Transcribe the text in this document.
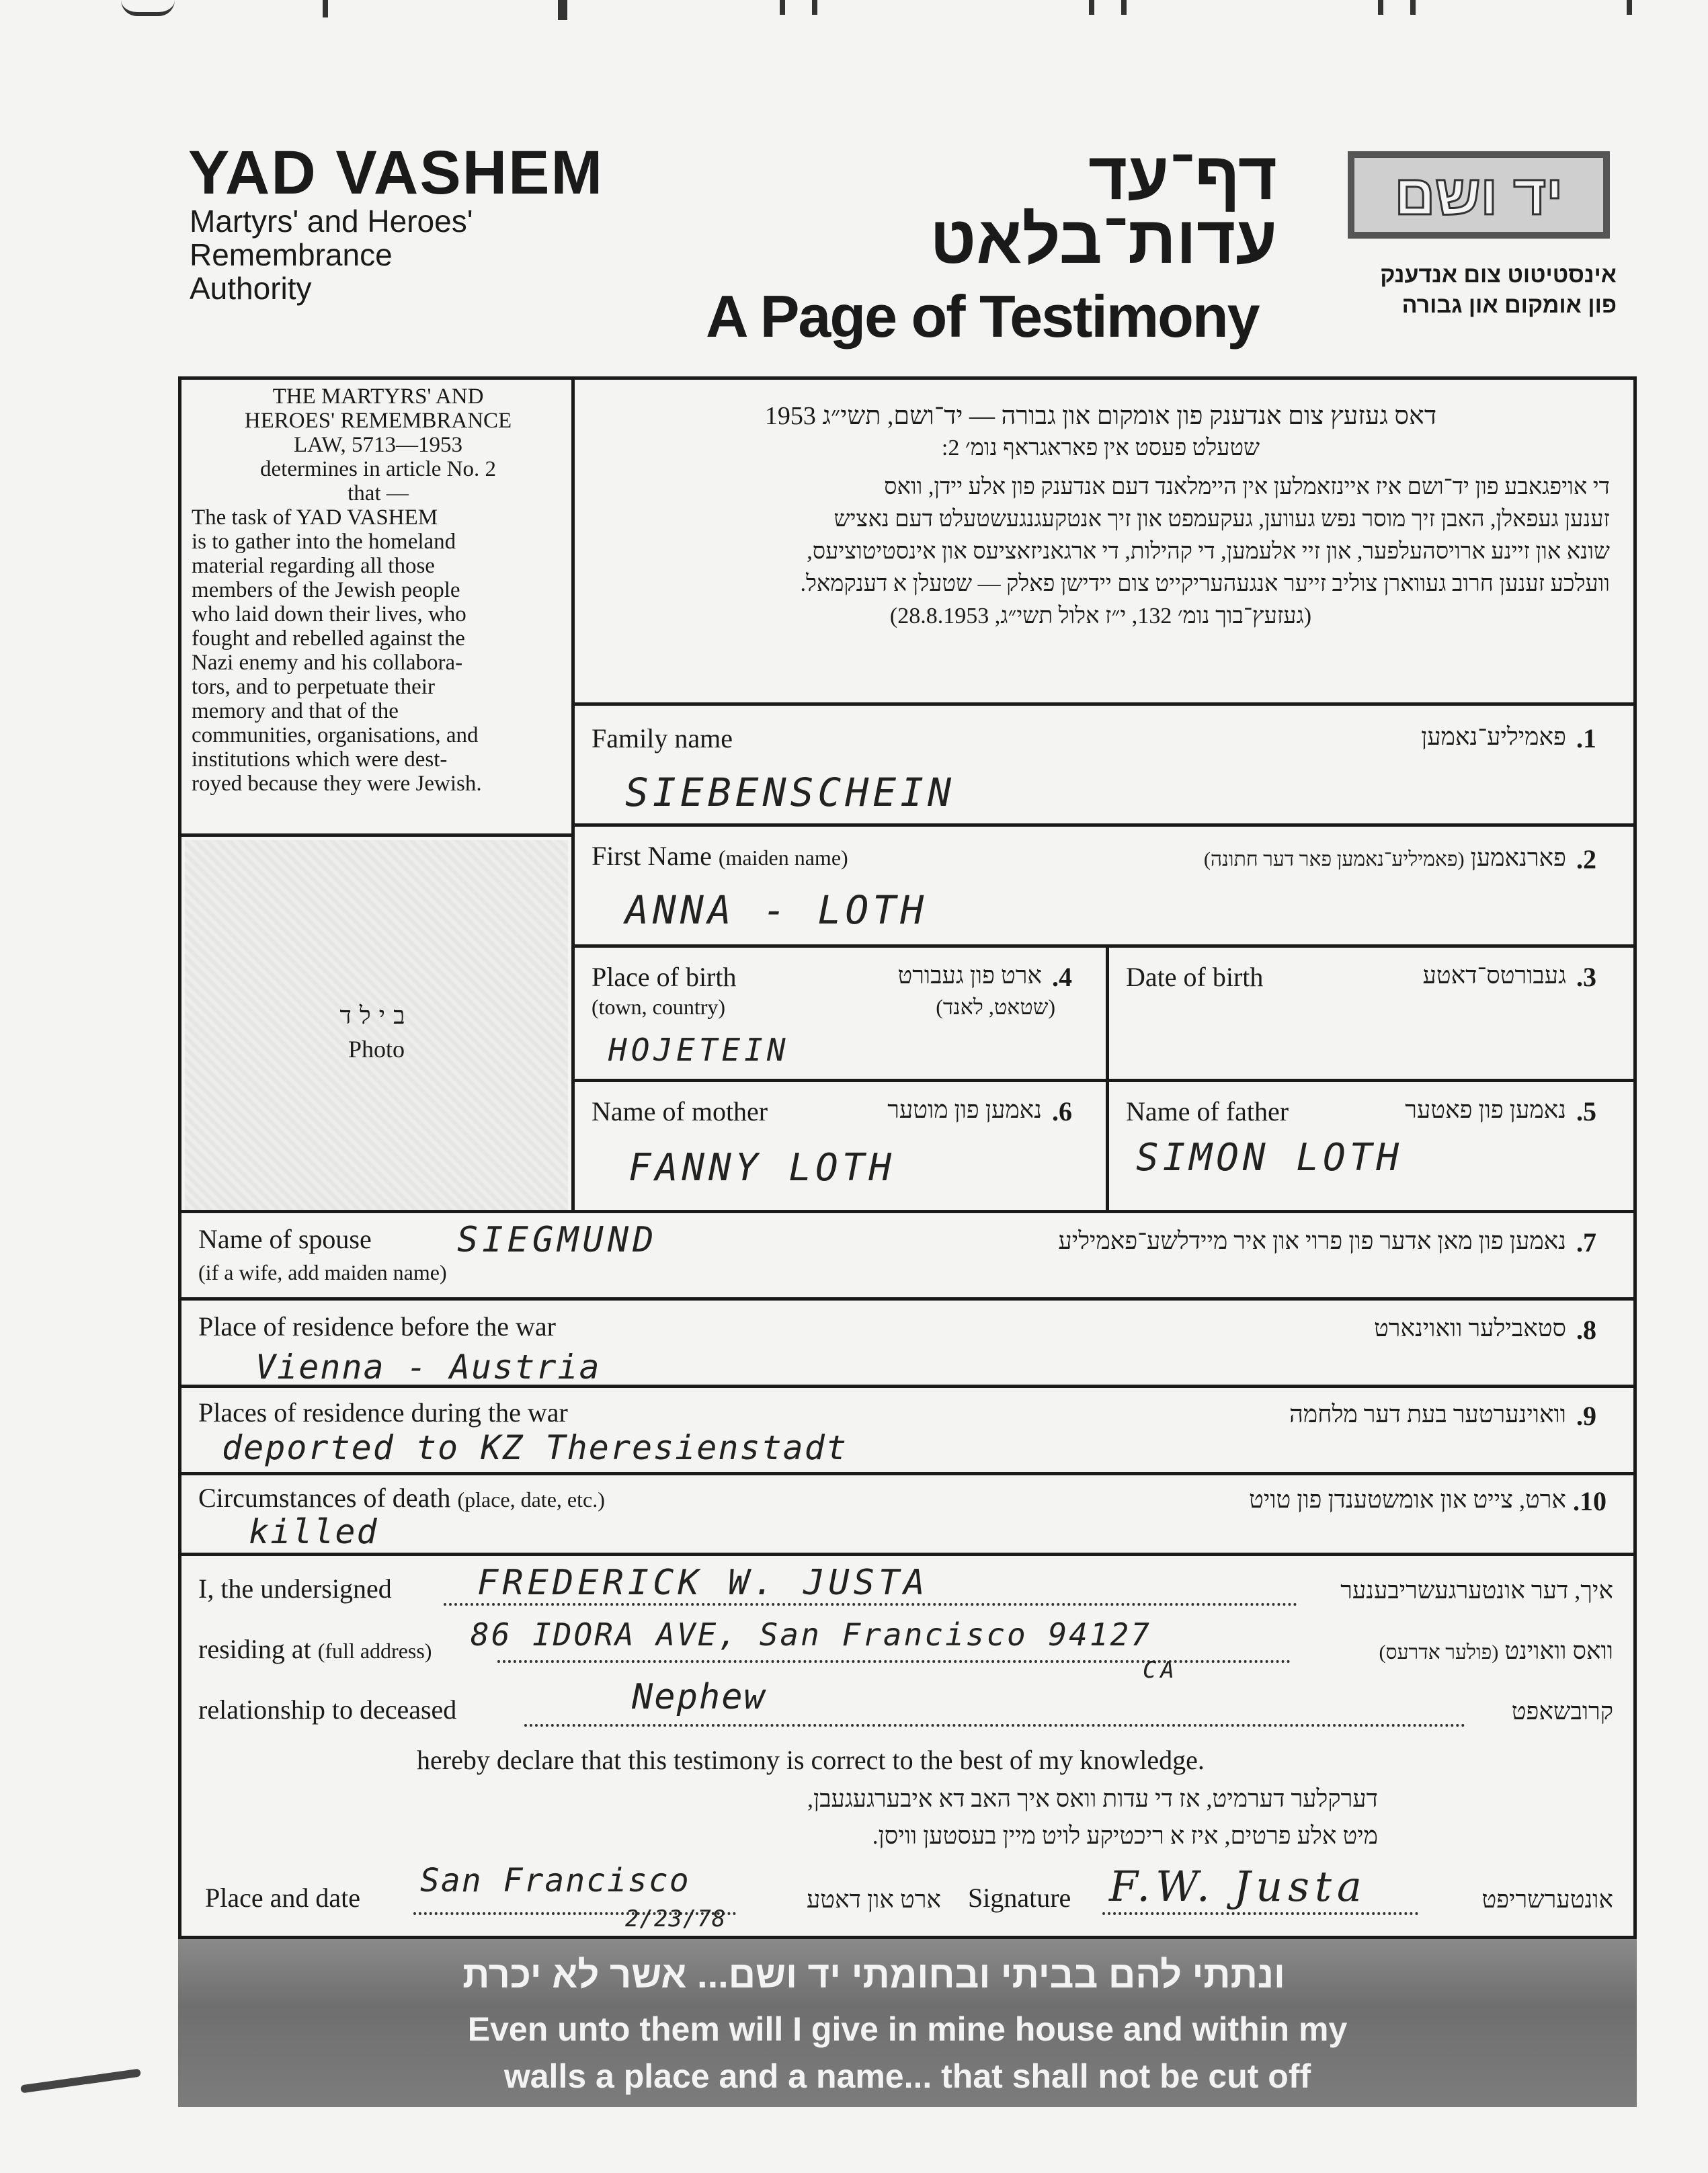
YAD VASHEM
Martyrs' and Heroes'
Remembrance
Authority
דף־עד
עדות־בלאט
A Page of Testimony
יד ושם
אינסטיטוט צום אנדענק
פון אומקום און גבורה
THE MARTYRS' AND
HEROES' REMEMBRANCE
LAW, 5713—1953
determines in article No. 2
that —
The task of YAD VASHEM
is to gather into the homeland
material regarding all those
members of the Jewish people
who laid down their lives, who
fought and rebelled against the
Nazi enemy and his collabora-
tors, and to perpetuate their
memory and that of the
communities, organisations, and
institutions which were dest-
royed because they were Jewish.
בילד
Photo
דאס געזעץ צום אנדענק פון אומקום און גבורה — יד־ושם, תשי״ג 1953
שטעלט פעסט אין פאראגראף נומ׳ 2:
די אויפגאבע פון יד־ושם איז איינזאמלען אין היימלאנד דעם אנדענק פון אלע יידן, וואס
זענען געפאלן, האבן זיך מוסר נפש געווען, געקעמפט און זיך אנטקעגנגעשטעלט דעם נאציש
שונא און זיינע ארויסהעלפער, און זיי אלעמען, די קהילות, די ארגאניזאציעס און אינסטיטוציעס,
וועלכע זענען חרוב געווארן צוליב זייער אנגעהעריקייט צום יידישן פאלק — שטעלן א דענקמאל.
(געזעץ־בוך נומ׳ 132, י״ז אלול תשי״ג, 28.8.1953)
Family name	פאמיליע־נאמען .1
SIEBENSCHEIN
First Name (maiden name)	פארנאמען (פאמיליע־נאמען פאר דער חתונה)	.2
ANNA - LOTH
Place of birth	ארט פון געבורט .4
(town, country)	(שטאט, לאנד)
HOJETEIN
Date of birth	געבורטס־דאטע .3
Name of mother	נאמען פון מוטער .6
FANNY LOTH
Name of father	נאמען פון פאטער .5
SIMON LOTH
Name of spouse
(if a wife, add maiden name)
נאמען פון מאן אדער פון פרוי און איר מיידלשע־פאמיליע .7
SIEGMUND
Place of residence before the war	סטאבילער וואוינארט .8
Vienna - Austria
Places of residence during the war	וואוינערטער בעת דער מלחמה .9
deported to KZ Theresienstadt
Circumstances of death (place, date, etc.)	ארט, צייט און אומשטענדן פון טויט .10
killed
I, the undersigned FREDERICK W. JUSTA	איך, דער אונטערגעשריבענער
residing at (full address) 86 IDORA AVE, San Francisco 94127
CA
וואס וואוינט (פולער אדרעס)
relationship to deceased	Nephew	קרובשאפט
hereby declare that this testimony is correct to the best of my knowledge.
דערקלער דערמיט, אז די עדות וואס איך האב דא איבערגעגעבן,
מיט אלע פרטים, איז א ריכטיקע לויט מיין בעסטען וויסן.
Place and date San Francisco
2/23/78
ארט און דאטע Signature F.W. Justa	אונטערשריפט
ונתתי להם בביתי ובחומתי יד ושם... אשר לא יכרת
Even unto them will I give in mine house and within my
walls a place and a name... that shall not be cut off
